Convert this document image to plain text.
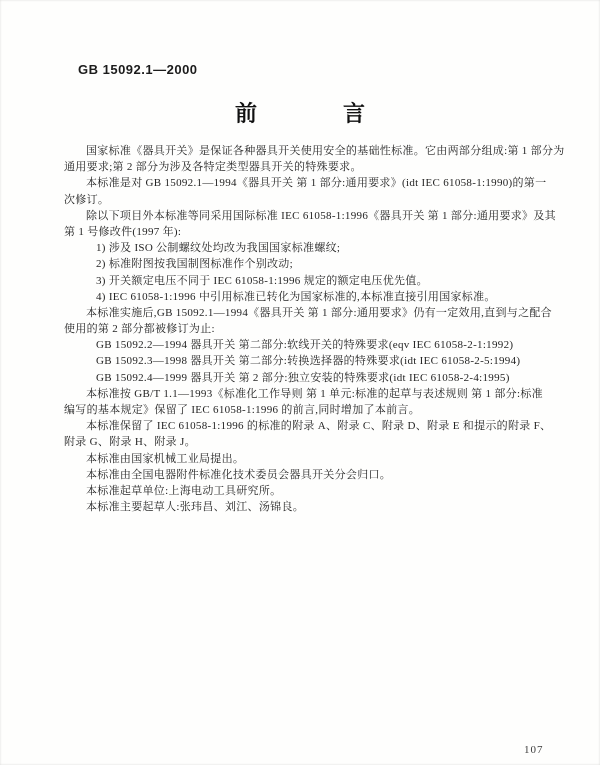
GB 15092.1—2000
前	言
国家标准《器具开关》是保证各种器具开关使用安全的基础性标准。它由两部分组成:第 1 部分为
通用要求;第 2 部分为涉及各特定类型器具开关的特殊要求。
本标准是对 GB 15092.1—1994《器具开关 第 1 部分:通用要求》(idt IEC 61058-1:1990)的第一
次修订。
除以下项目外本标准等同采用国际标准 IEC 61058-1:1996《器具开关 第 1 部分:通用要求》及其
第 1 号修改件(1997 年):
1) 涉及 ISO 公制螺纹处均改为我国国家标准螺纹;
2) 标准附图按我国制图标准作个别改动;
3) 开关额定电压不同于 IEC 61058-1:1996 规定的额定电压优先值。
4) IEC 61058-1:1996 中引用标准已转化为国家标准的,本标准直接引用国家标准。
本标准实施后,GB 15092.1—1994《器具开关 第 1 部分:通用要求》仍有一定效用,直到与之配合
使用的第 2 部分都被修订为止:
GB 15092.2—1994 器具开关 第二部分:软线开关的特殊要求(eqv IEC 61058-2-1:1992)
GB 15092.3—1998 器具开关 第二部分:转换选择器的特殊要求(idt IEC 61058-2-5:1994)
GB 15092.4—1999 器具开关 第 2 部分:独立安装的特殊要求(idt IEC 61058-2-4:1995)
本标准按 GB/T 1.1—1993《标准化工作导则 第 1 单元:标准的起草与表述规则 第 1 部分:标准
编写的基本规定》保留了 IEC 61058-1:1996 的前言,同时增加了本前言。
本标准保留了 IEC 61058-1:1996 的标准的附录 A、附录 C、附录 D、附录 E 和提示的附录 F、
附录 G、附录 H、附录 J。
本标准由国家机械工业局提出。
本标准由全国电器附件标准化技术委员会器具开关分会归口。
本标准起草单位:上海电动工具研究所。
本标准主要起草人:张玮昌、刘江、汤锦良。
107
